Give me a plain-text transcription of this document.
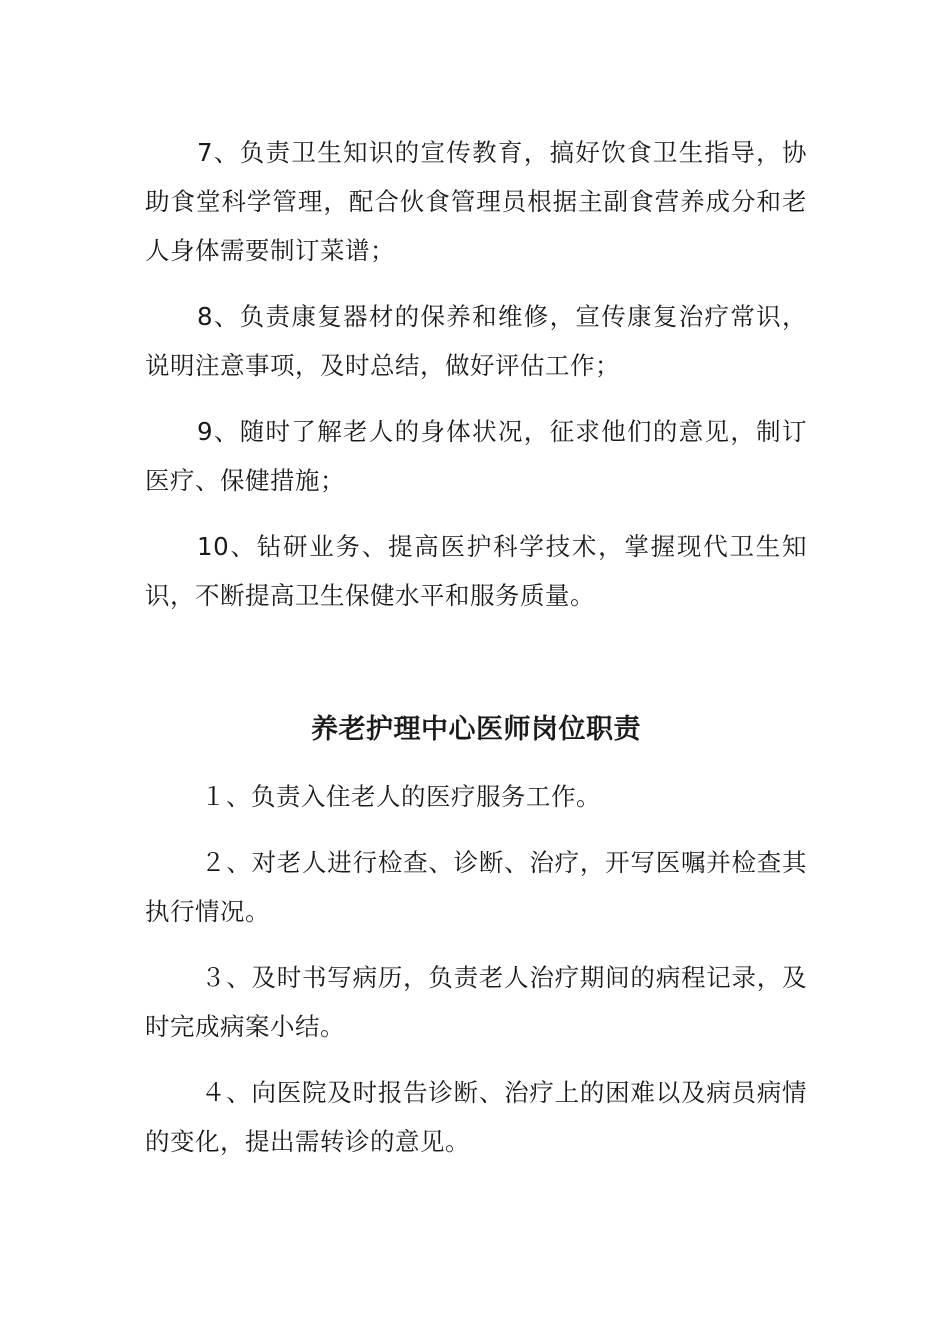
7、负责卫生知识的宣传教育，搞好饮食卫生指导，协助食堂科学管理，配合伙食管理员根据主副食营养成分和老人身体需要制订菜谱；

8、负责康复器材的保养和维修，宣传康复治疗常识，说明注意事项，及时总结，做好评估工作；

9、随时了解老人的身体状况，征求他们的意见，制订医疗、保健措施；

10、钻研业务、提高医护科学技术，掌握现代卫生知识，不断提高卫生保健水平和服务质量。

养老护理中心医师岗位职责

１、负责入住老人的医疗服务工作。

２、对老人进行检查、诊断、治疗，开写医嘱并检查其执行情况。

３、及时书写病历，负责老人治疗期间的病程记录，及时完成病案小结。

４、向医院及时报告诊断、治疗上的困难以及病员病情的变化，提出需转诊的意见。
